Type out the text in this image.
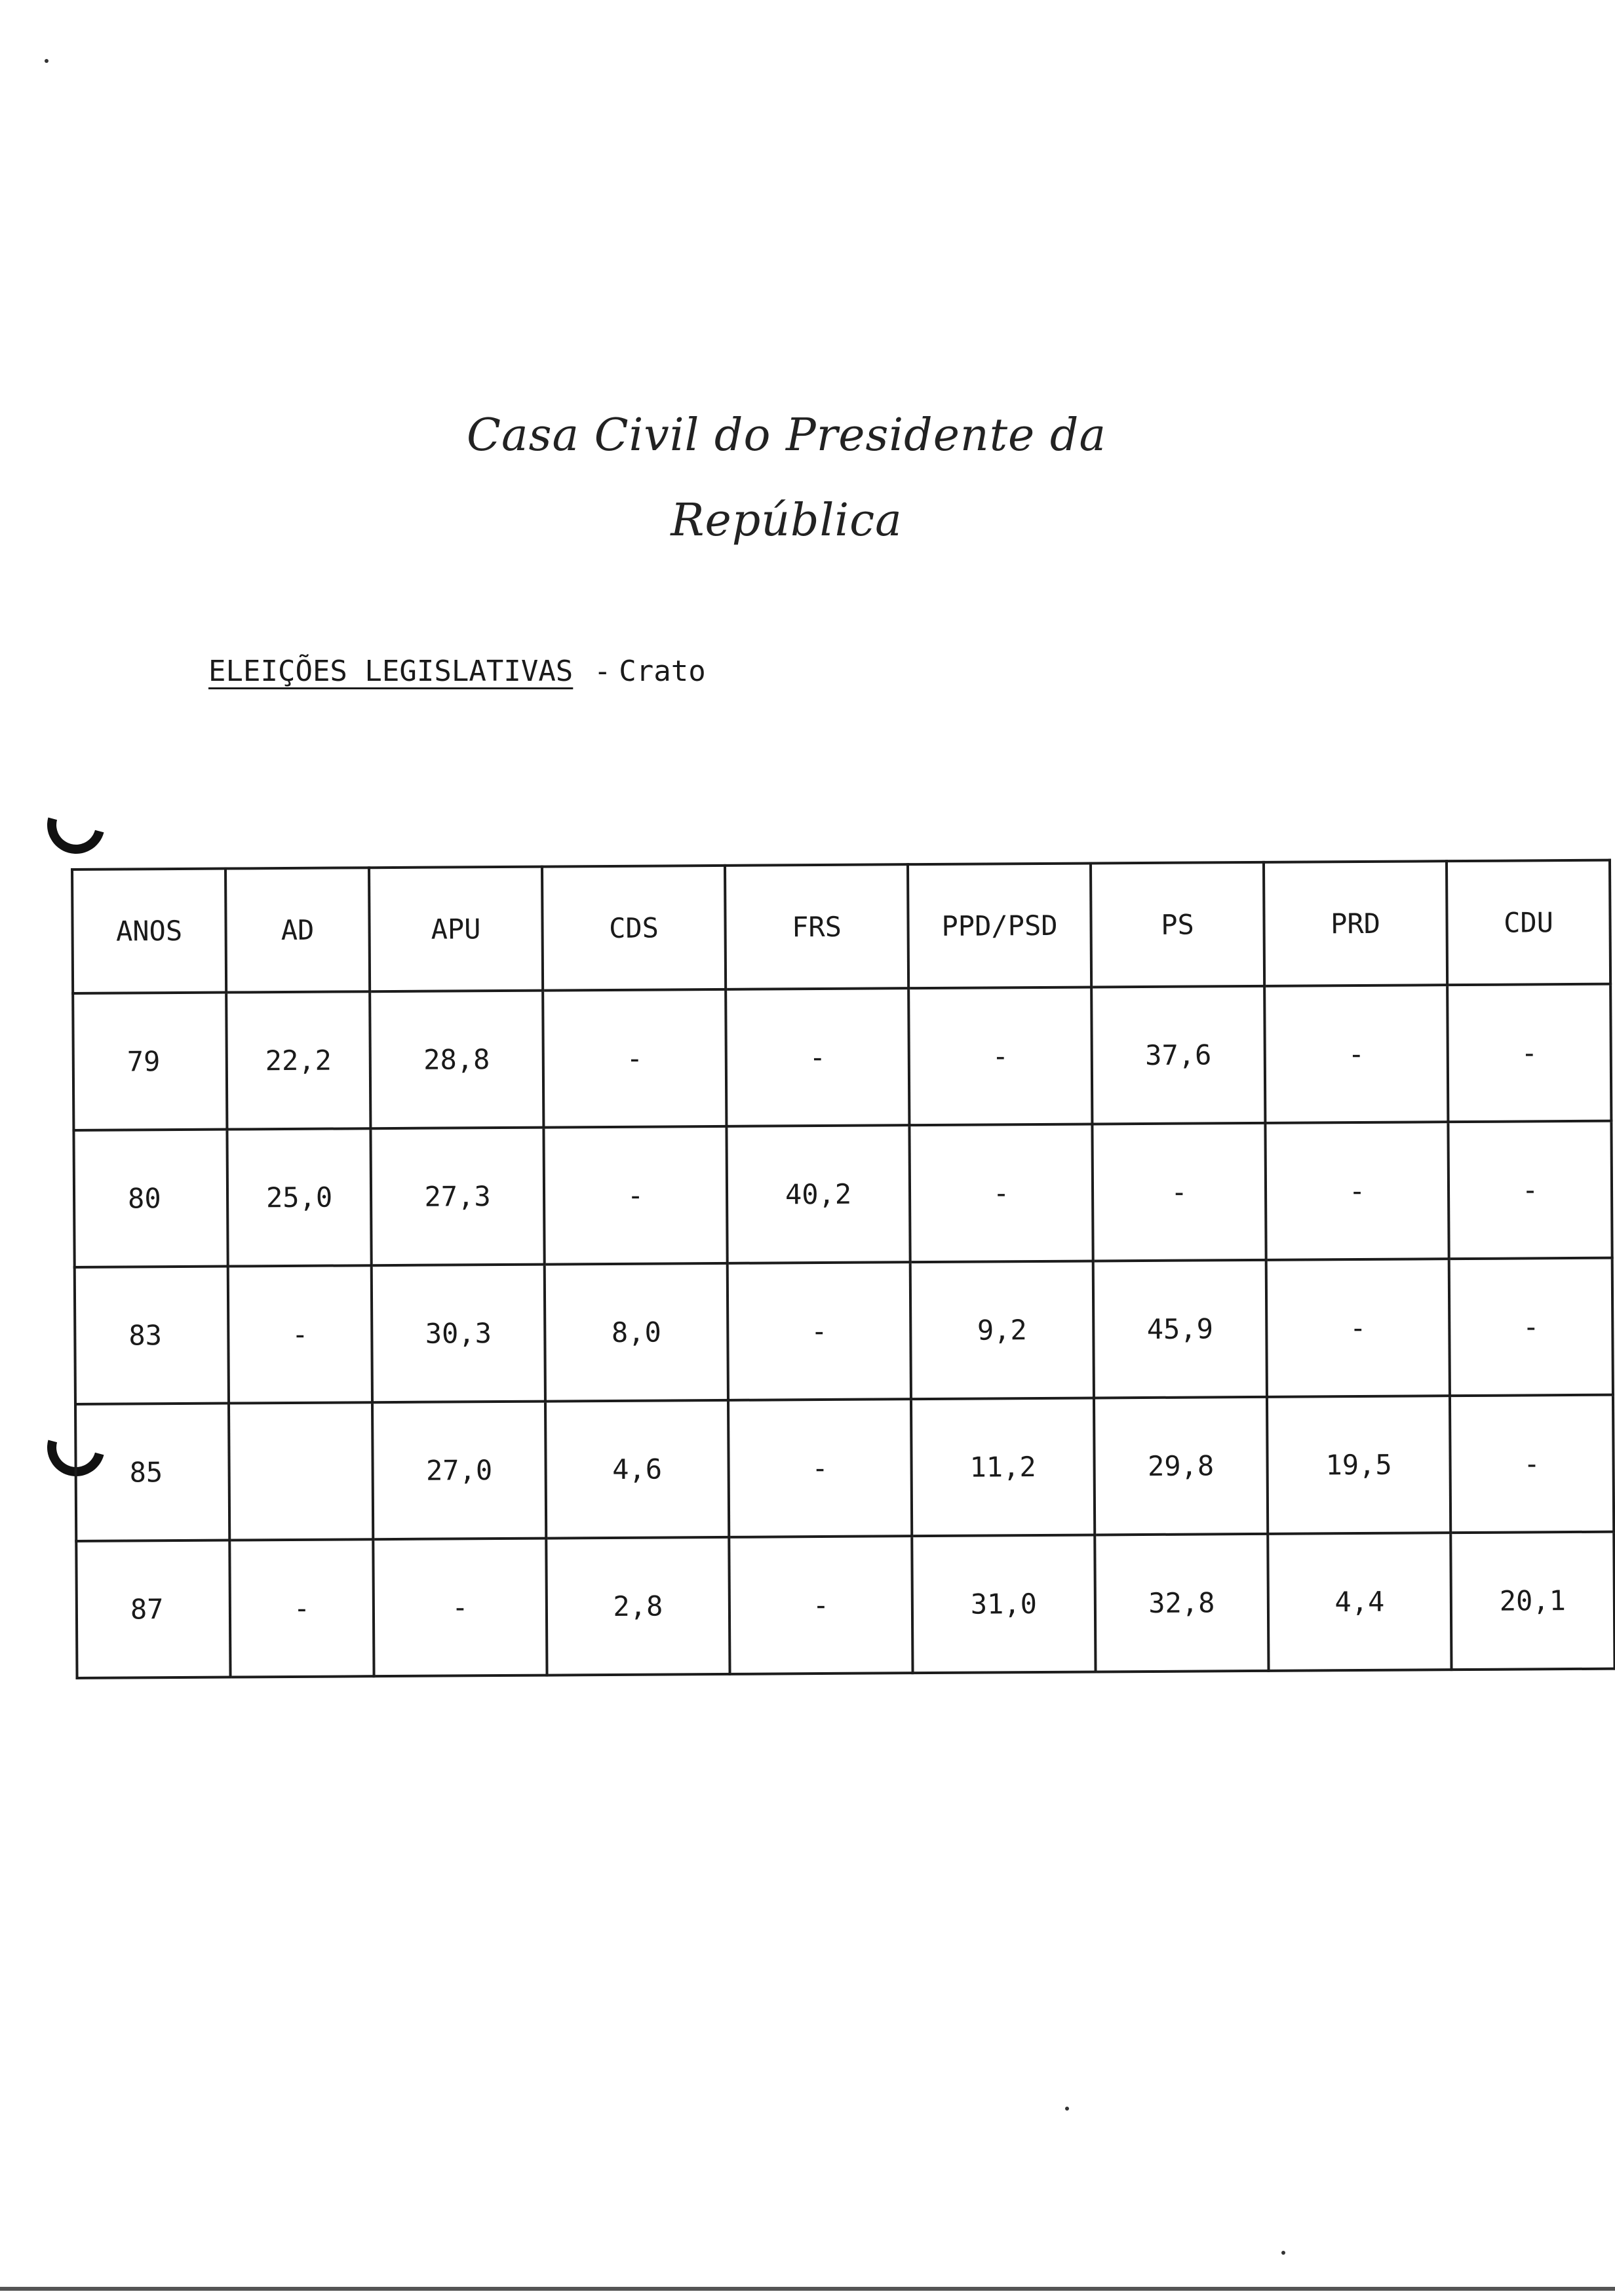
Casa Civil do Presidente da República
ELEIÇÕES LEGISLATIVAS - Crato
ANOS	AD	APU	CDS	FRS	PPD/PSD	PS	PRD	CDU
79	22,2	28,8	-	-	-	37,6	-	-
80	25,0	27,3	-	40,2	-	-	-	-
83	-	30,3	8,0	-	9,2	45,9	-	-
85		27,0	4,6	-	11,2	29,8	19,5	-
87	-	-	2,8	-	31,0	32,8	4,4	20,1
